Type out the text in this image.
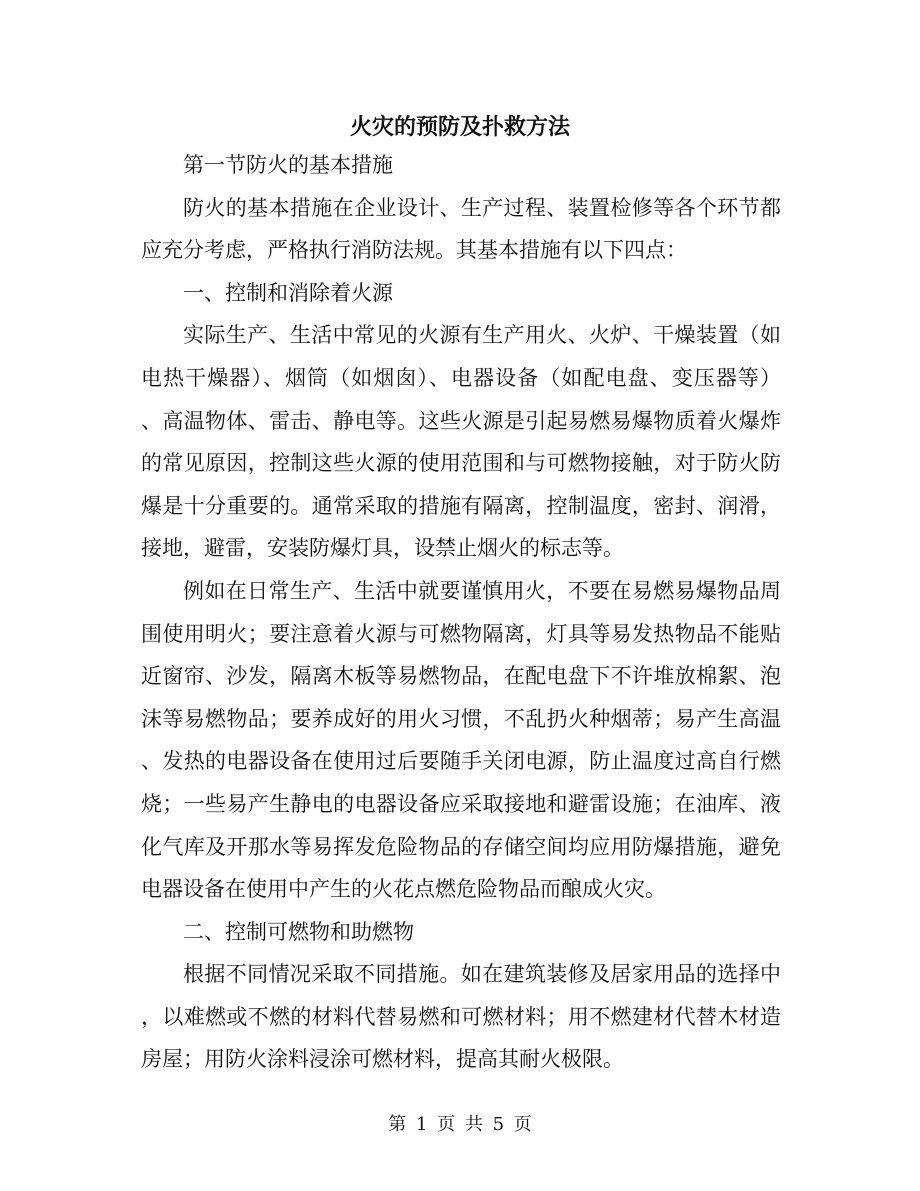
火灾的预防及扑救方法
第一节防火的基本措施
防火的基本措施在企业设计、生产过程、装置检修等各个环节都
应充分考虑，严格执行消防法规。其基本措施有以下四点：
一、控制和消除着火源
实际生产、生活中常见的火源有生产用火、火炉、干燥装置（如
电热干燥器）、烟筒（如烟囱）、电器设备（如配电盘、变压器等）
、高温物体、雷击、静电等。这些火源是引起易燃易爆物质着火爆炸
的常见原因，控制这些火源的使用范围和与可燃物接触，对于防火防
爆是十分重要的。通常采取的措施有隔离，控制温度，密封、润滑，
接地，避雷，安装防爆灯具，设禁止烟火的标志等。
例如在日常生产、生活中就要谨慎用火，不要在易燃易爆物品周
围使用明火；要注意着火源与可燃物隔离，灯具等易发热物品不能贴
近窗帘、沙发，隔离木板等易燃物品，在配电盘下不许堆放棉絮、泡
沫等易燃物品；要养成好的用火习惯，不乱扔火种烟蒂；易产生高温
、发热的电器设备在使用过后要随手关闭电源，防止温度过高自行燃
烧；一些易产生静电的电器设备应采取接地和避雷设施；在油库、液
化气库及开那水等易挥发危险物品的存储空间均应用防爆措施，避免
电器设备在使用中产生的火花点燃危险物品而酿成火灾。
二、控制可燃物和助燃物
根据不同情况采取不同措施。如在建筑装修及居家用品的选择中
，以难燃或不燃的材料代替易燃和可燃材料；用不燃建材代替木材造
房屋；用防火涂料浸涂可燃材料，提高其耐火极限。
第 1 页 共 5 页
